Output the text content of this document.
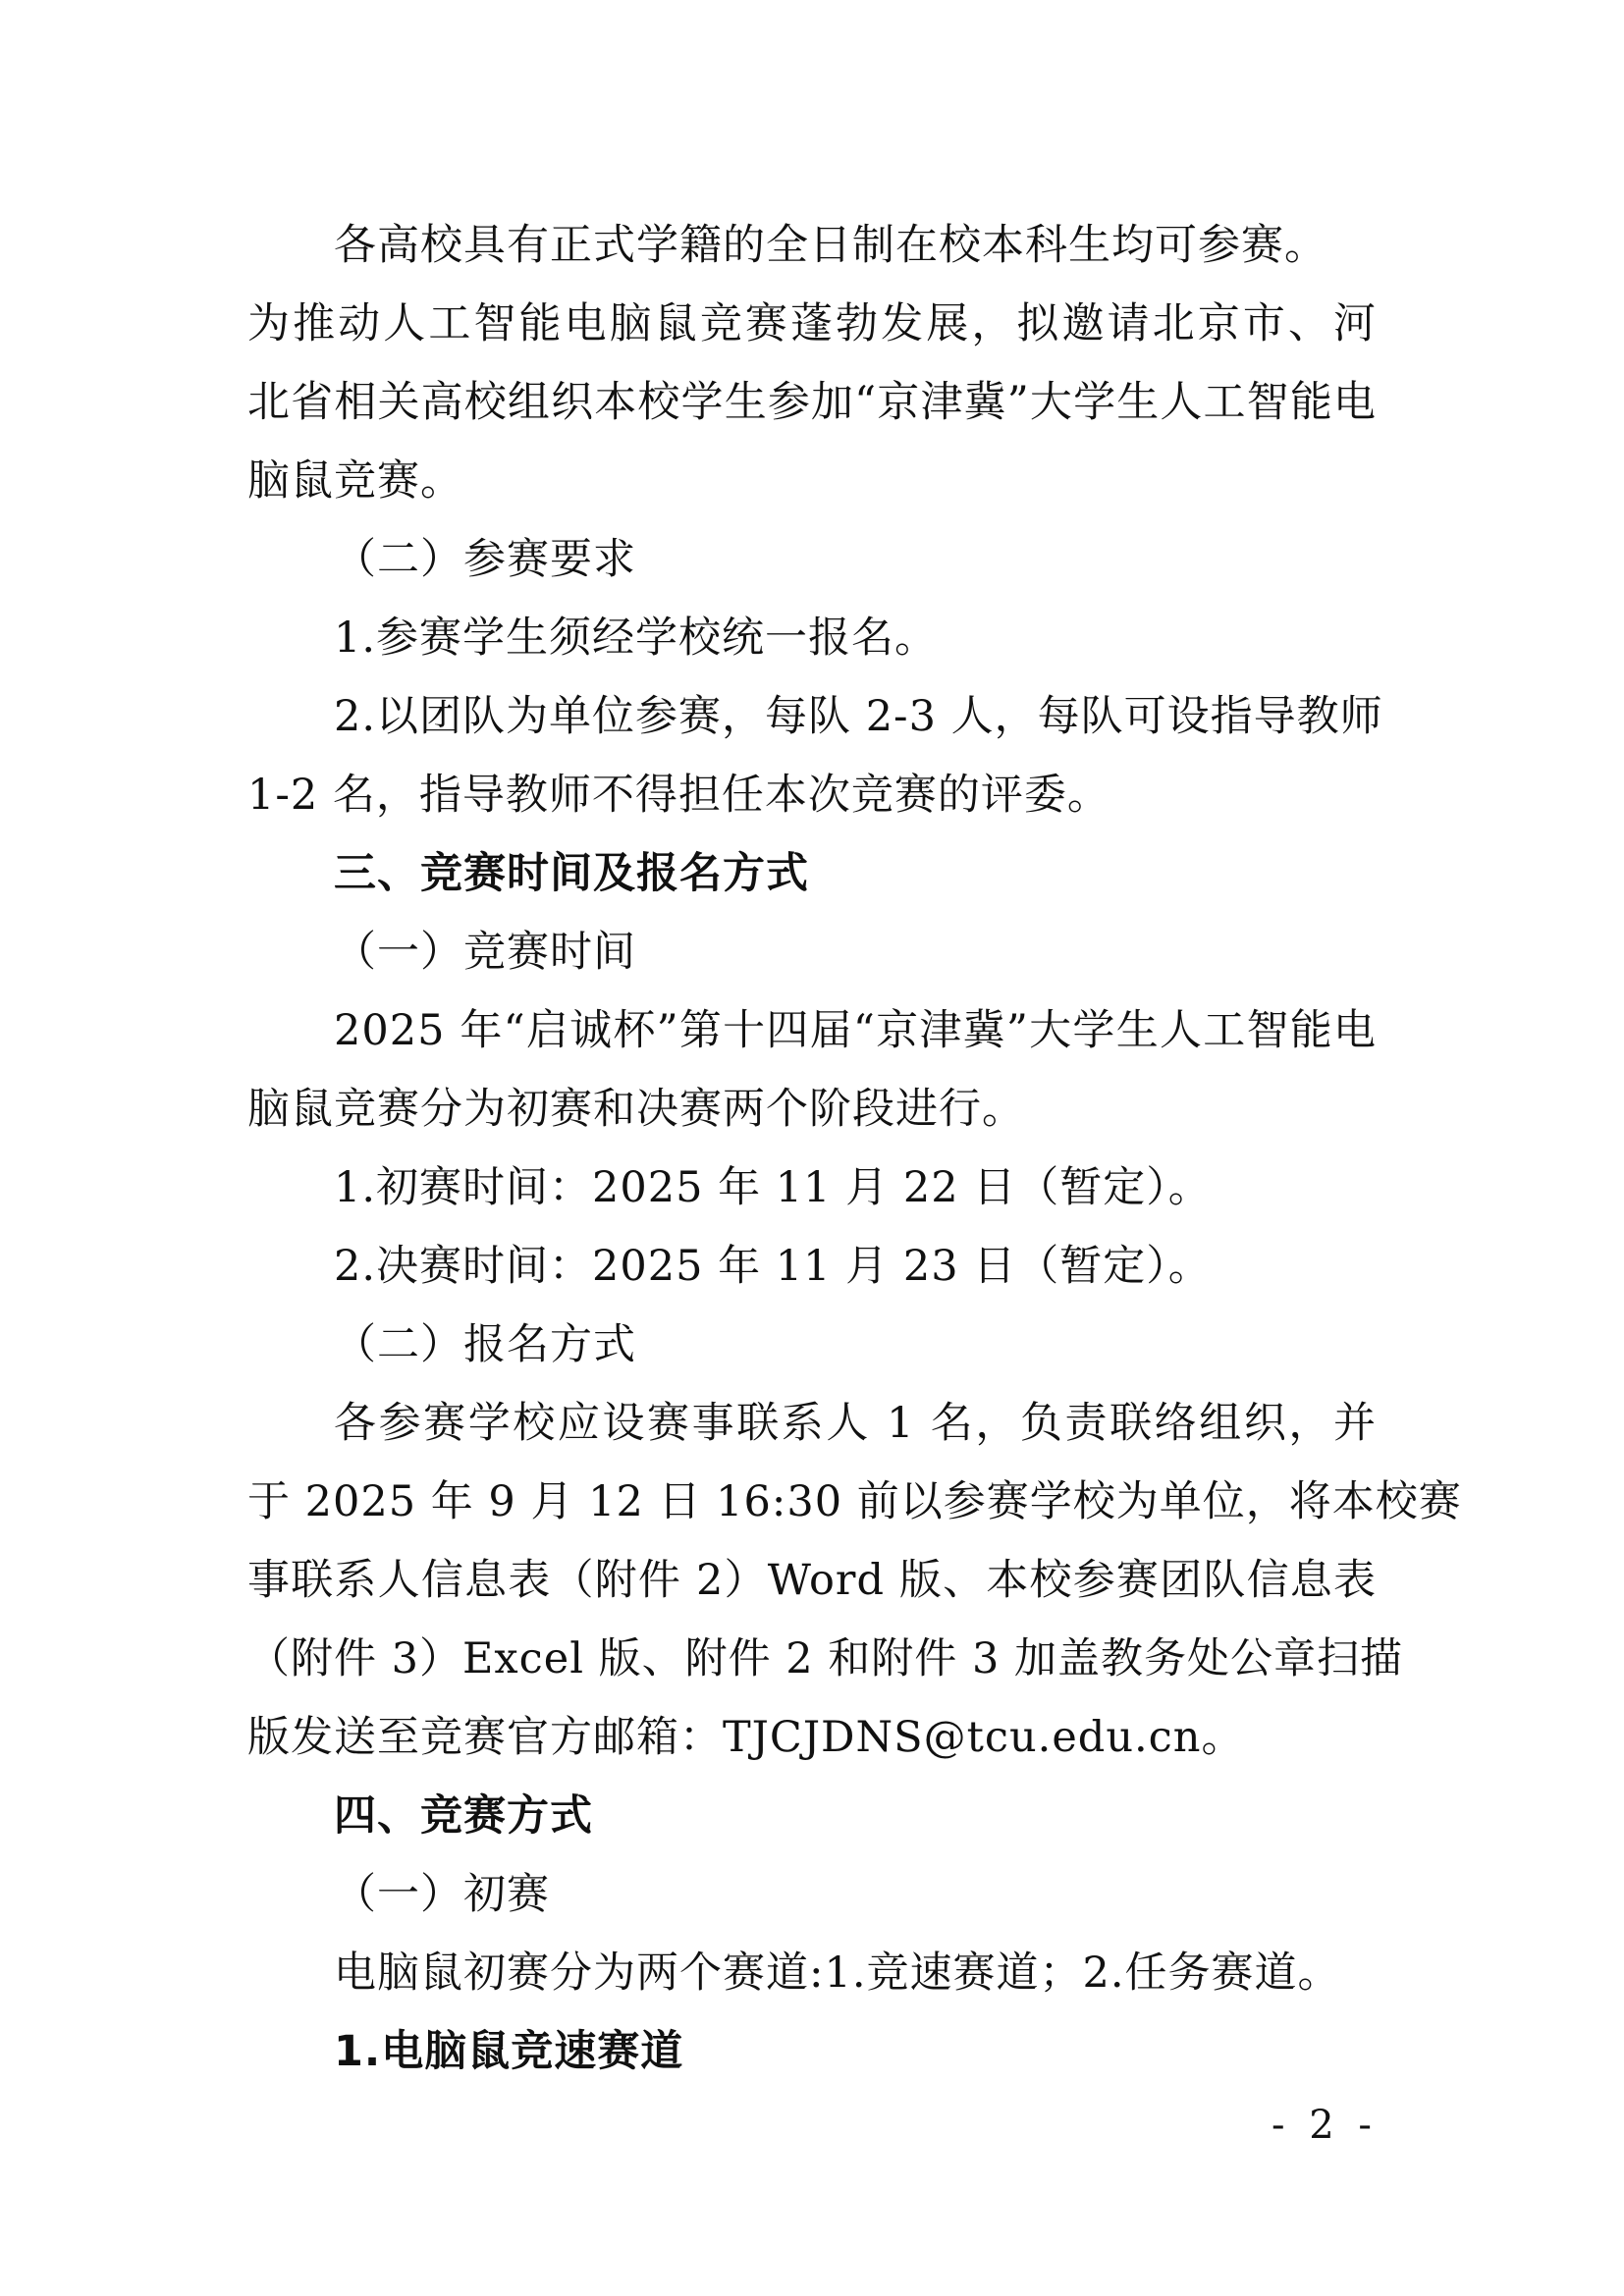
各高校具有正式学籍的全日制在校本科生均可参赛。
为推动人工智能电脑鼠竞赛蓬勃发展，拟邀请北京市、河
北省相关高校组织本校学生参加“京津冀”大学生人工智能电
脑鼠竞赛。
（二）参赛要求
1.参赛学生须经学校统一报名。
2.以团队为单位参赛，每队 2-3 人，每队可设指导教师
1-2 名，指导教师不得担任本次竞赛的评委。
三、竞赛时间及报名方式
（一）竞赛时间
2025 年“启诚杯”第十四届“京津冀”大学生人工智能电
脑鼠竞赛分为初赛和决赛两个阶段进行。
1.初赛时间：2025 年 11 月 22 日（暂定）。
2.决赛时间：2025 年 11 月 23 日（暂定）。
（二）报名方式
各参赛学校应设赛事联系人 1 名，负责联络组织，并
于 2025 年 9 月 12 日 16:30 前以参赛学校为单位，将本校赛
事联系人信息表（附件 2）Word 版、本校参赛团队信息表
（附件 3）Excel 版、附件 2 和附件 3 加盖教务处公章扫描
版发送至竞赛官方邮箱：TJCJDNS@tcu.edu.cn。
四、竞赛方式
（一）初赛
电脑鼠初赛分为两个赛道:1.竞速赛道；2.任务赛道。
1.电脑鼠竞速赛道
- 2 -
